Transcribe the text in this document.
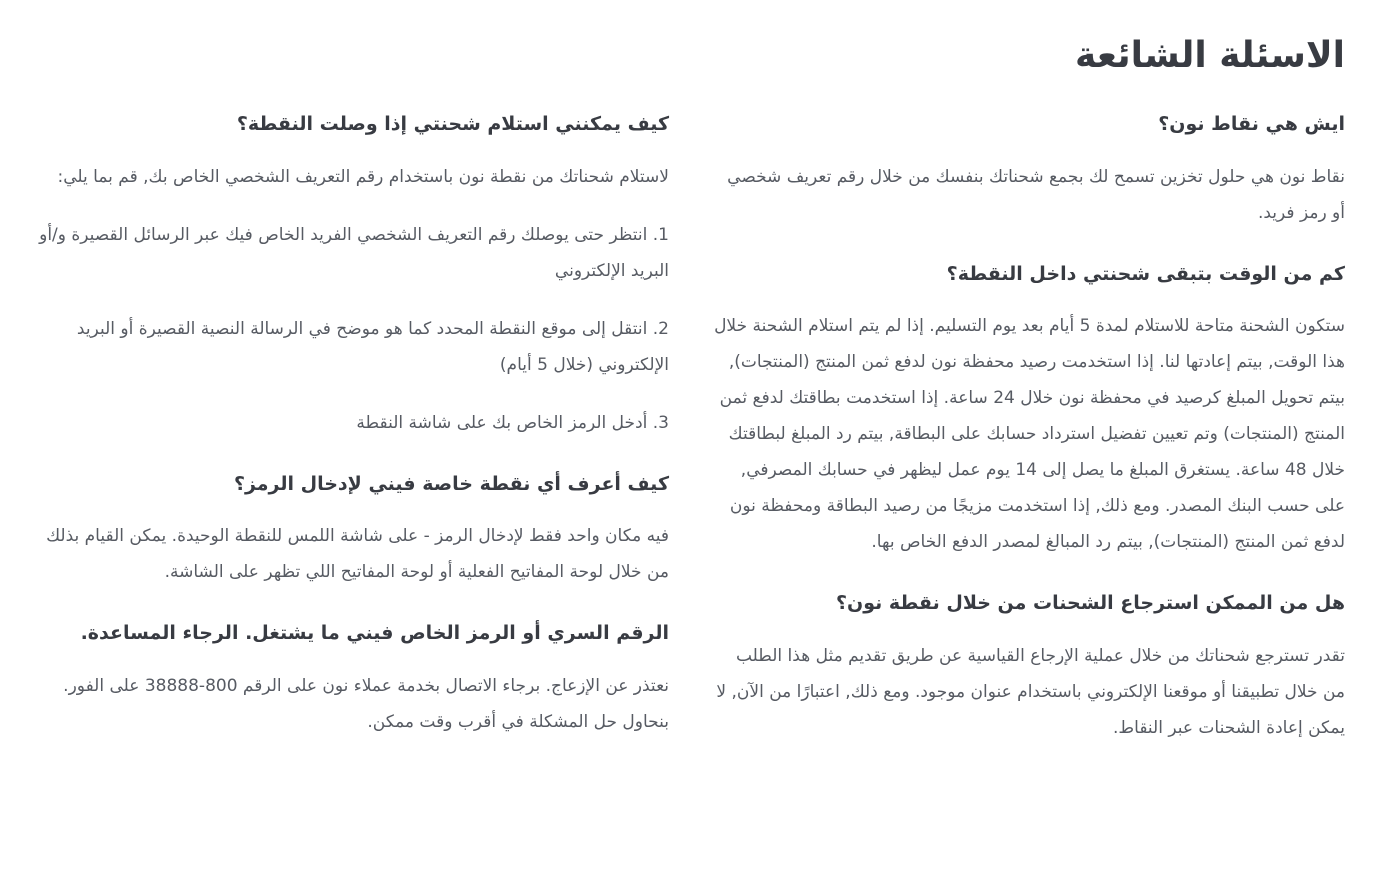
الاسئلة الشائعة
ايش هي نقاط نون؟

نقاط نون هي حلول تخزين تسمح لك بجمع شحناتك بنفسك من خلال رقم تعريف شخصي أو رمز فريد.

كم من الوقت بتبقى شحنتي داخل النقطة؟

ستكون الشحنة متاحة للاستلام لمدة 5 أيام بعد يوم التسليم. إذا لم يتم استلام الشحنة خلال هذا الوقت, بيتم إعادتها لنا. إذا استخدمت رصيد محفظة نون لدفع ثمن المنتج (المنتجات), بيتم تحويل المبلغ كرصيد في محفظة نون خلال 24 ساعة. إذا استخدمت بطاقتك لدفع ثمن المنتج (المنتجات) وتم تعيين تفضيل استرداد حسابك على البطاقة, بيتم رد المبلغ لبطاقتك خلال 48 ساعة. يستغرق المبلغ ما يصل إلى 14 يوم عمل ليظهر في حسابك المصرفي, على حسب البنك المصدر. ومع ذلك, إذا استخدمت مزيجًا من رصيد البطاقة ومحفظة نون لدفع ثمن المنتج (المنتجات), بيتم رد المبالغ لمصدر الدفع الخاص بها.

هل من الممكن استرجاع الشحنات من خلال نقطة نون؟

تقدر تسترجع شحناتك من خلال عملية الإرجاع القياسية عن طريق تقديم مثل هذا الطلب من خلال تطبيقنا أو موقعنا الإلكتروني باستخدام عنوان موجود. ومع ذلك, اعتبارًا من الآن, لا يمكن إعادة الشحنات عبر النقاط.

كيف يمكنني استلام شحنتي إذا وصلت النقطة؟

لاستلام شحناتك من نقطة نون باستخدام رقم التعريف الشخصي الخاص بك, قم بما يلي:

1. انتظر حتى يوصلك رقم التعريف الشخصي الفريد الخاص فيك عبر الرسائل القصيرة و/أو البريد الإلكتروني

2. انتقل إلى موقع النقطة المحدد كما هو موضح في الرسالة النصية القصيرة أو البريد الإلكتروني (خلال 5 أيام)

3. أدخل الرمز الخاص بك على شاشة النقطة

كيف أعرف أي نقطة خاصة فيني لإدخال الرمز؟

فيه مكان واحد فقط لإدخال الرمز - على شاشة اللمس للنقطة الوحيدة. يمكن القيام بذلك من خلال لوحة المفاتيح الفعلية أو لوحة المفاتيح اللي تظهر على الشاشة.

الرقم السري أو الرمز الخاص فيني ما يشتغل. الرجاء المساعدة.

نعتذر عن الإزعاج. برجاء الاتصال بخدمة عملاء نون على الرقم 800-38888 على الفور. بنحاول حل المشكلة في أقرب وقت ممكن.
